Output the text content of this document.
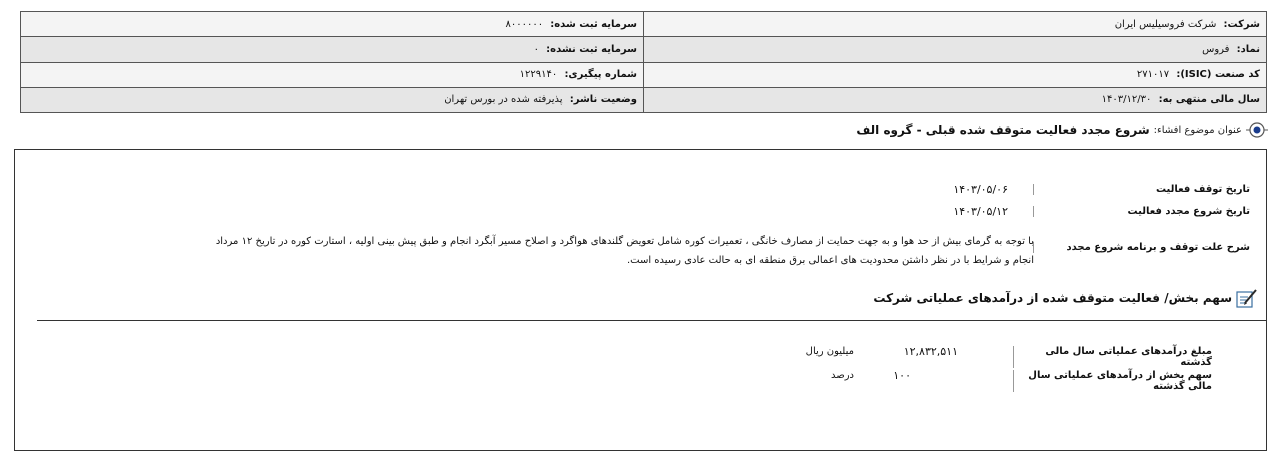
شرکت: شرکت فروسیلیس ایران	سرمایه ثبت شده: ۸۰۰۰۰۰۰
نماد: فروس	سرمایه ثبت نشده: ۰
کد صنعت (ISIC): ۲۷۱۰۱۷	شماره پیگیری: ۱۲۲۹۱۴۰
سال مالی منتهی به: ۱۴۰۳/۱۲/۳۰	وضعیت ناشر: پذیرفته شده در بورس تهران
عنوان موضوع افشاء:
شروع مجدد فعالیت متوقف شده قبلی - گروه الف
تاریخ توقف فعالیت
۱۴۰۳/۰۵/۰۶
تاریخ شروع مجدد فعالیت
۱۴۰۳/۰۵/۱۲
شرح علت توقف و برنامه شروع مجدد
با توجه به گرمای بیش از حد هوا و به جهت حمایت از مصارف خانگی ، تعمیرات کوره شامل تعویض گلندهای هواگرد و اصلاح مسیر آبگرد انجام و طبق پیش بینی اولیه ، استارت کوره در تاریخ ۱۲ مرداد
انجام و شرایط با در نظر داشتن محدودیت های اعمالی برق منطقه ای به حالت عادی رسیده است.
سهم بخش/ فعالیت متوقف شده از درآمدهای عملیاتی شرکت
مبلغ درآمدهای عملیاتی سال مالی گذشته
۱۲,۸۳۲,۵۱۱
میلیون ریال
سهم بخش از درآمدهای عملیاتی سال مالی گذشته
۱۰۰
درصد
